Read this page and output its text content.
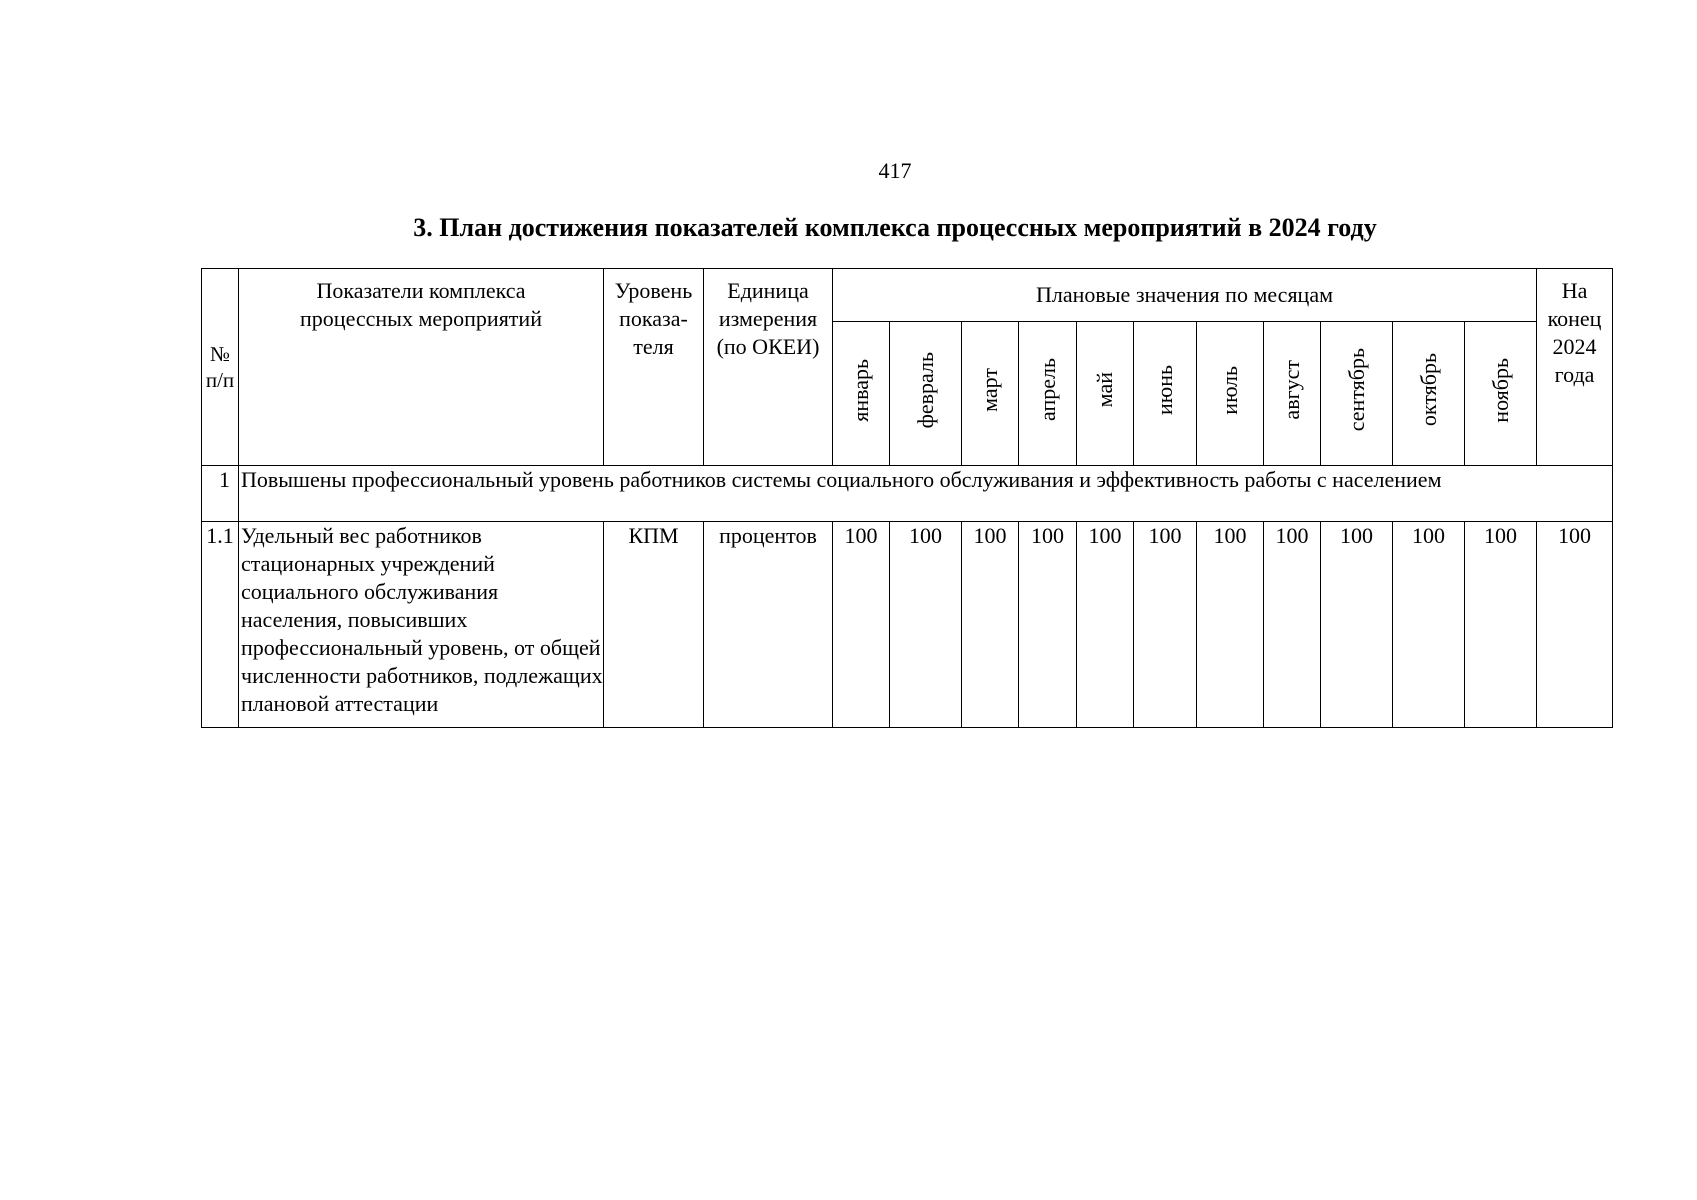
417
3. План достижения показателей комплекса процессных мероприятий в 2024 году
№ п/п	Показатели комплекса процессных мероприятий	Уровень показа-теля	Единица измерения (по ОКЕИ)	Плановые значения по месяцам											На конец 2024 года
				январь	февраль	март	апрель	май	июнь	июль	август	сентябрь	октябрь	ноябрь	
1	Повышены профессиональный уровень работников системы социального обслуживания и эффективность работы с населением														
1.1	Удельный вес работников стационарных учреждений социального обслуживания населения, повысивших профессиональный уровень, от общей численности работников, подлежащих плановой аттестации	КПМ	процентов	100	100	100	100	100	100	100	100	100	100	100	100
